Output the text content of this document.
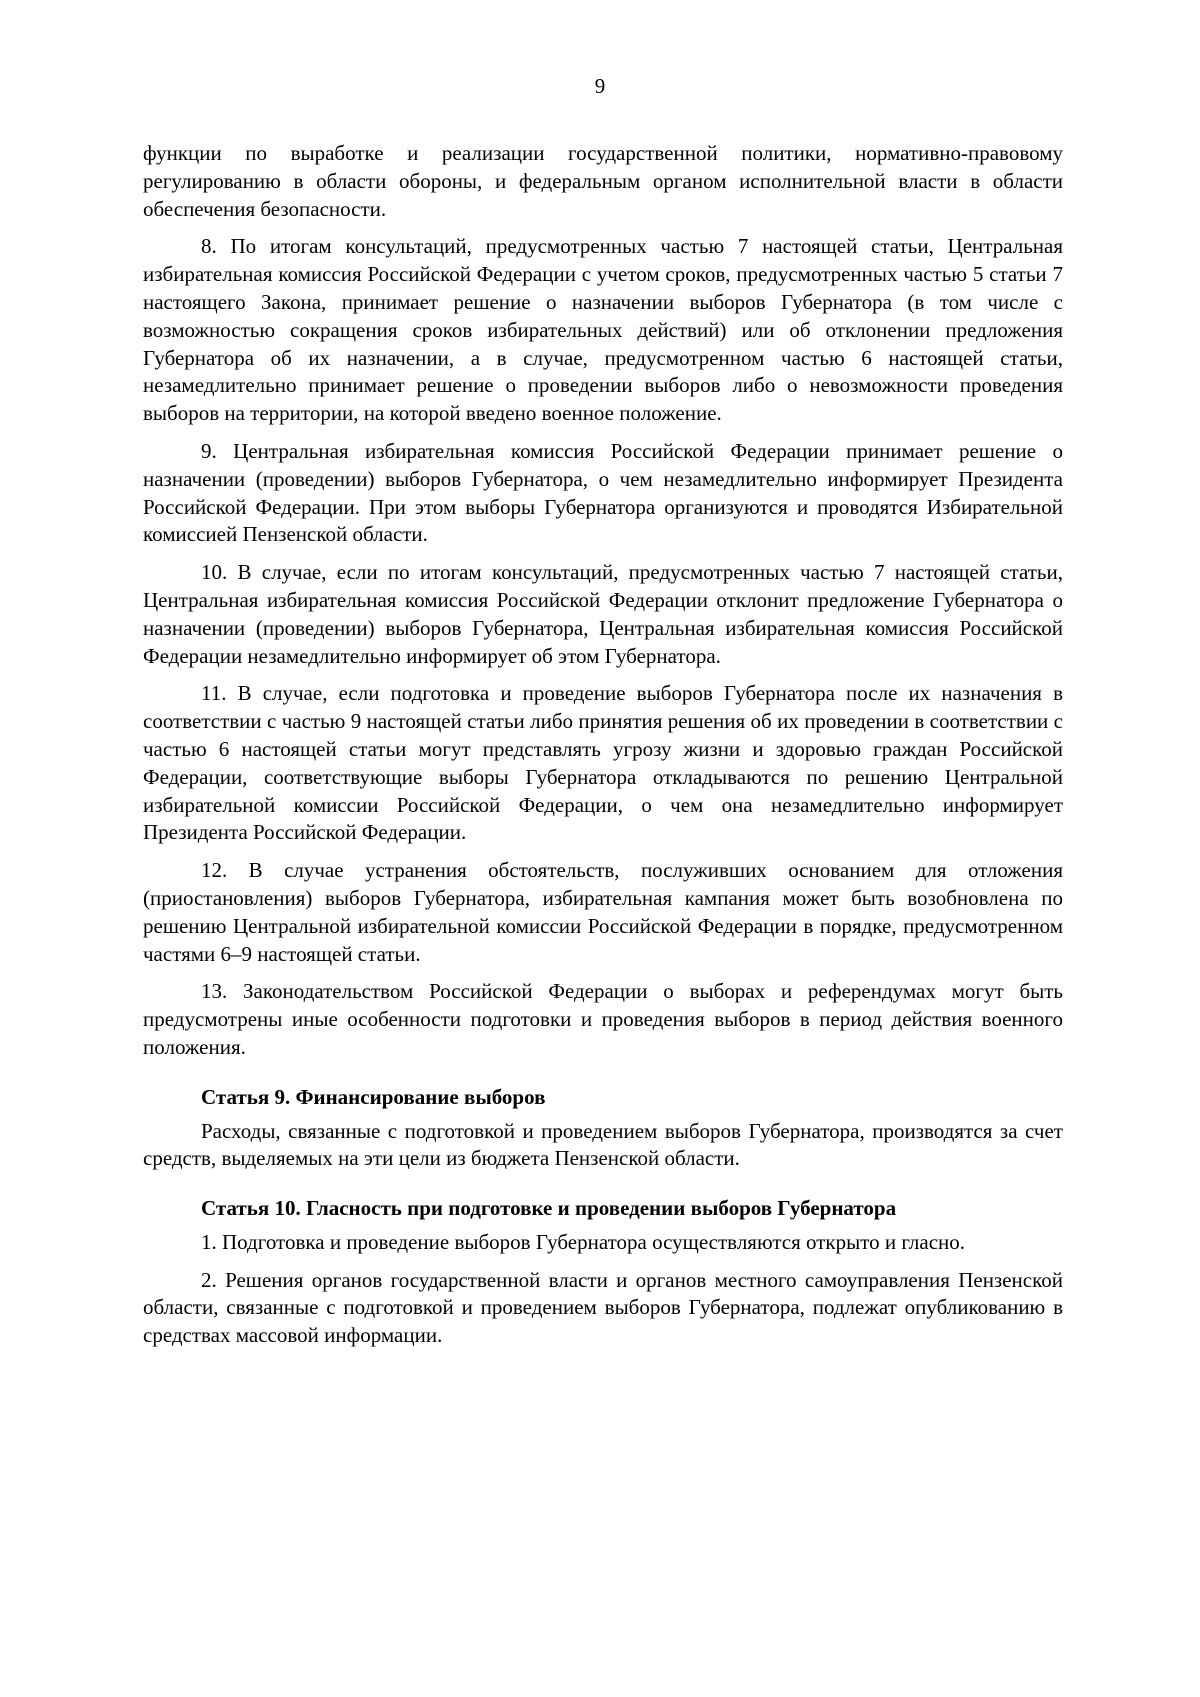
9

функции по выработке и реализации государственной политики, нормативно-правовому регулированию в области обороны, и федеральным органом исполнительной власти в области обеспечения безопасности.

8. По итогам консультаций, предусмотренных частью 7 настоящей статьи, Центральная избирательная комиссия Российской Федерации с учетом сроков, предусмотренных частью 5 статьи 7 настоящего Закона, принимает решение о назначении выборов Губернатора (в том числе с возможностью сокращения сроков избирательных действий) или об отклонении предложения Губернатора об их назначении, а в случае, предусмотренном частью 6 настоящей статьи, незамедлительно принимает решение о проведении выборов либо о невозможности проведения выборов на территории, на которой введено военное положение.

9. Центральная избирательная комиссия Российской Федерации принимает решение о назначении (проведении) выборов Губернатора, о чем незамедлительно информирует Президента Российской Федерации. При этом выборы Губернатора организуются и проводятся Избирательной комиссией Пензенской области.

10. В случае, если по итогам консультаций, предусмотренных частью 7 настоящей статьи, Центральная избирательная комиссия Российской Федерации отклонит предложение Губернатора о назначении (проведении) выборов Губернатора, Центральная избирательная комиссия Российской Федерации незамедлительно информирует об этом Губернатора.

11. В случае, если подготовка и проведение выборов Губернатора после их назначения в соответствии с частью 9 настоящей статьи либо принятия решения об их проведении в соответствии с частью 6 настоящей статьи могут представлять угрозу жизни и здоровью граждан Российской Федерации, соответствующие выборы Губернатора откладываются по решению Центральной избирательной комиссии Российской Федерации, о чем она незамедлительно информирует Президента Российской Федерации.

12. В случае устранения обстоятельств, послуживших основанием для отложения (приостановления) выборов Губернатора, избирательная кампания может быть возобновлена по решению Центральной избирательной комиссии Российской Федерации в порядке, предусмотренном частями 6–9 настоящей статьи.

13. Законодательством Российской Федерации о выборах и референдумах могут быть предусмотрены иные особенности подготовки и проведения выборов в период действия военного положения.

Статья 9. Финансирование выборов

Расходы, связанные с подготовкой и проведением выборов Губернатора, производятся за счет средств, выделяемых на эти цели из бюджета Пензенской области.

Статья 10. Гласность при подготовке и проведении выборов Губернатора

1. Подготовка и проведение выборов Губернатора осуществляются открыто и гласно.

2. Решения органов государственной власти и органов местного самоуправления Пензенской области, связанные с подготовкой и проведением выборов Губернатора, подлежат опубликованию в средствах массовой информации.
